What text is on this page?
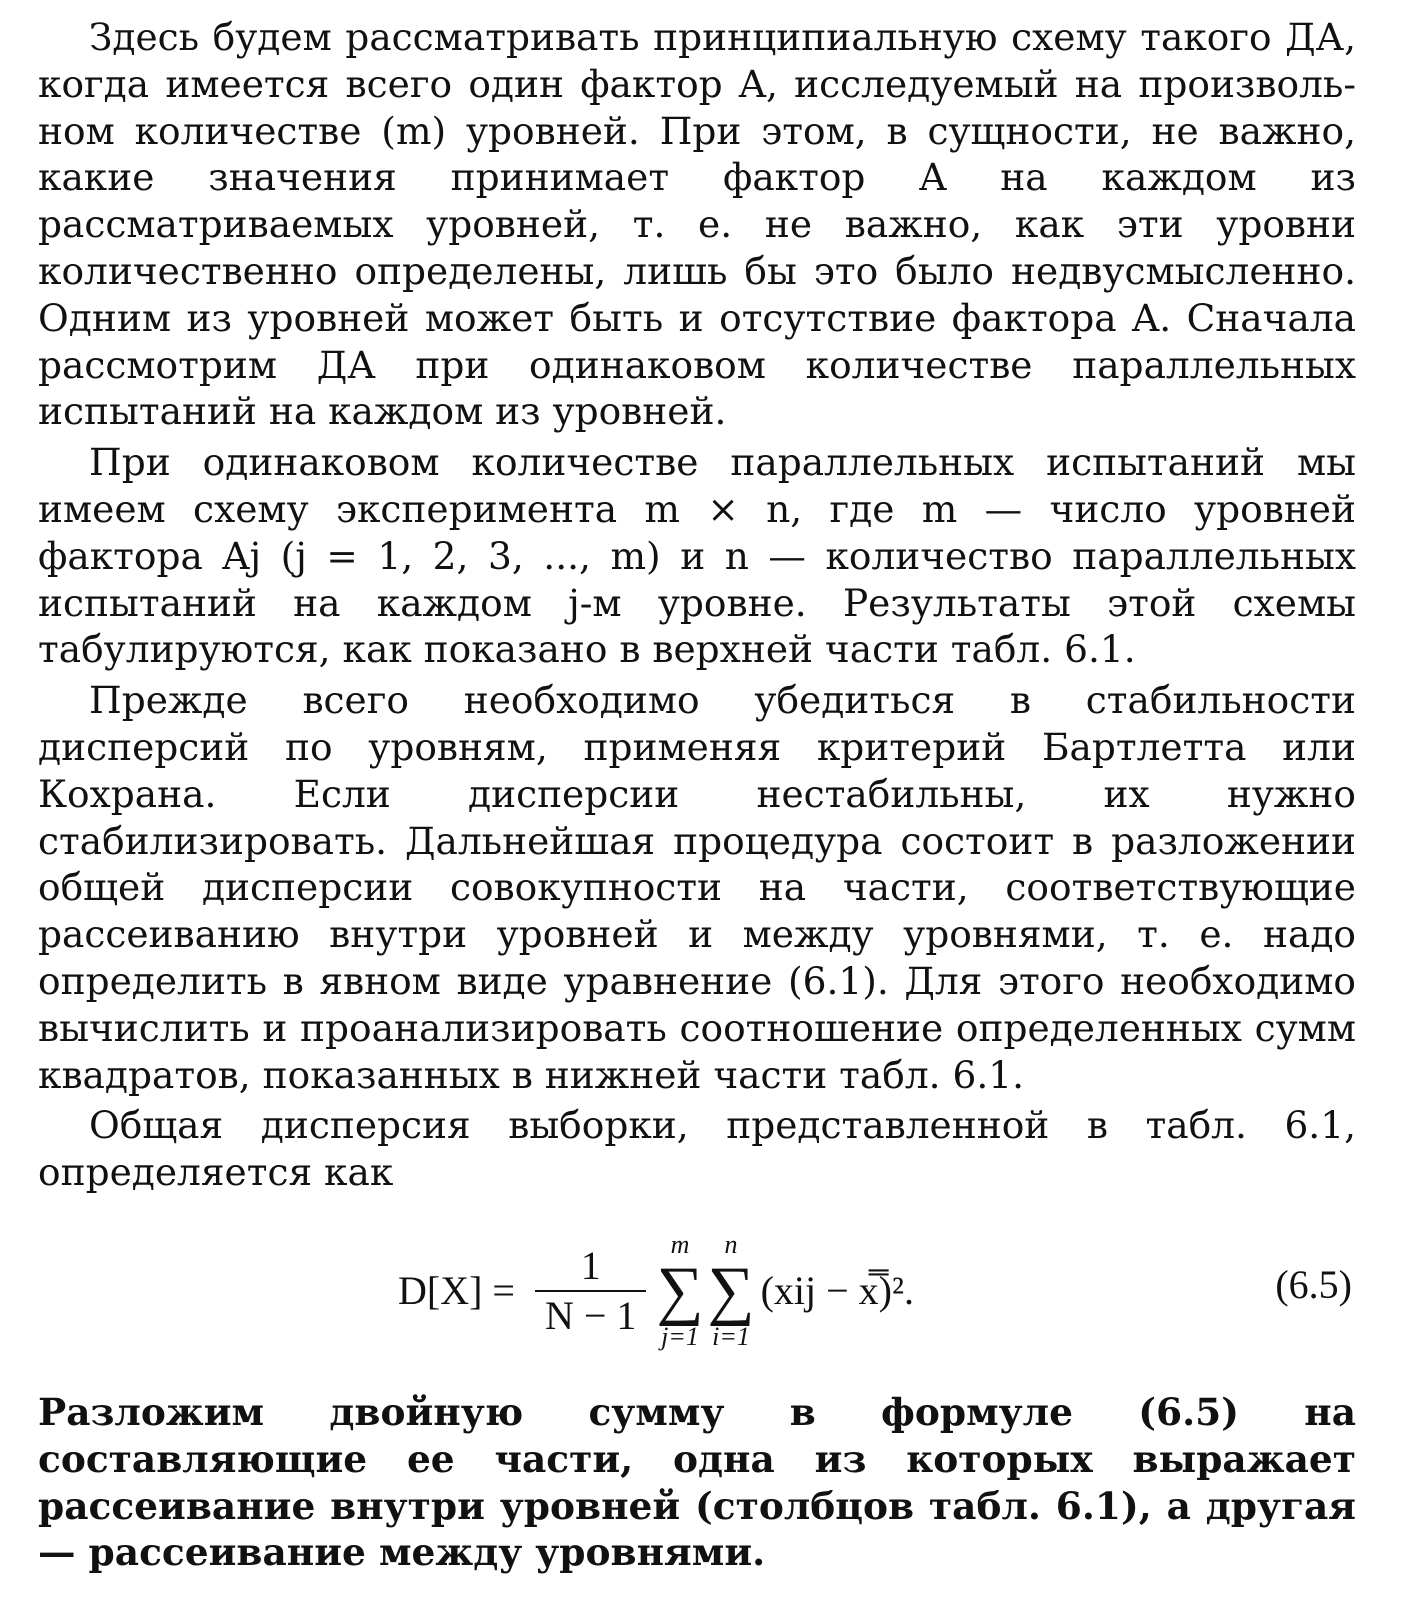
Здесь будем рассматривать принципиальную схему такого ДА, когда имеется всего один фактор A, исследуемый на произвольном количестве (m) уровней. При этом, в сущности, не важно, какие значения принимает фактор A на каждом из рассматриваемых уровней, т. е. не важно, как эти уровни количественно определены, лишь бы это было недвусмысленно. Одним из уровней может быть и отсутствие фактора A. Сначала рассмотрим ДА при одинаковом количестве параллельных испытаний на каждом из уровней.

При одинаковом количестве параллельных испытаний мы имеем схему эксперимента m × n, где m — число уровней фактора Aj (j = 1, 2, 3, ..., m) и n — количество параллельных испытаний на каждом j-м уровне. Результаты этой схемы табулируются, как показано в верхней части табл. 6.1.

Прежде всего необходимо убедиться в стабильности дисперсий по уровням, применяя критерий Бартлетта или Кохрана. Если дисперсии нестабильны, их нужно стабилизировать. Дальнейшая процедура состоит в разложении общей дисперсии совокупности на части, соответствующие рассеиванию внутри уровней и между уровнями, т. е. надо определить в явном виде уравнение (6.1). Для этого необходимо вычислить и проанализировать соотношение определенных сумм квадратов, показанных в нижней части табл. 6.1.

Общая дисперсия выборки, представленной в табл. 6.1, определяется как

$D[X] = \frac{1}{N - 1}$ m
∑
j=1
n
∑
i=1
(xij − x̿)².	(6.5)

Разложим двойную сумму в формуле (6.5) на составляющие ее части, одна из которых выражает рассеивание внутри уровней (столбцов табл. 6.1), а другая — рассеивание между уровнями.
